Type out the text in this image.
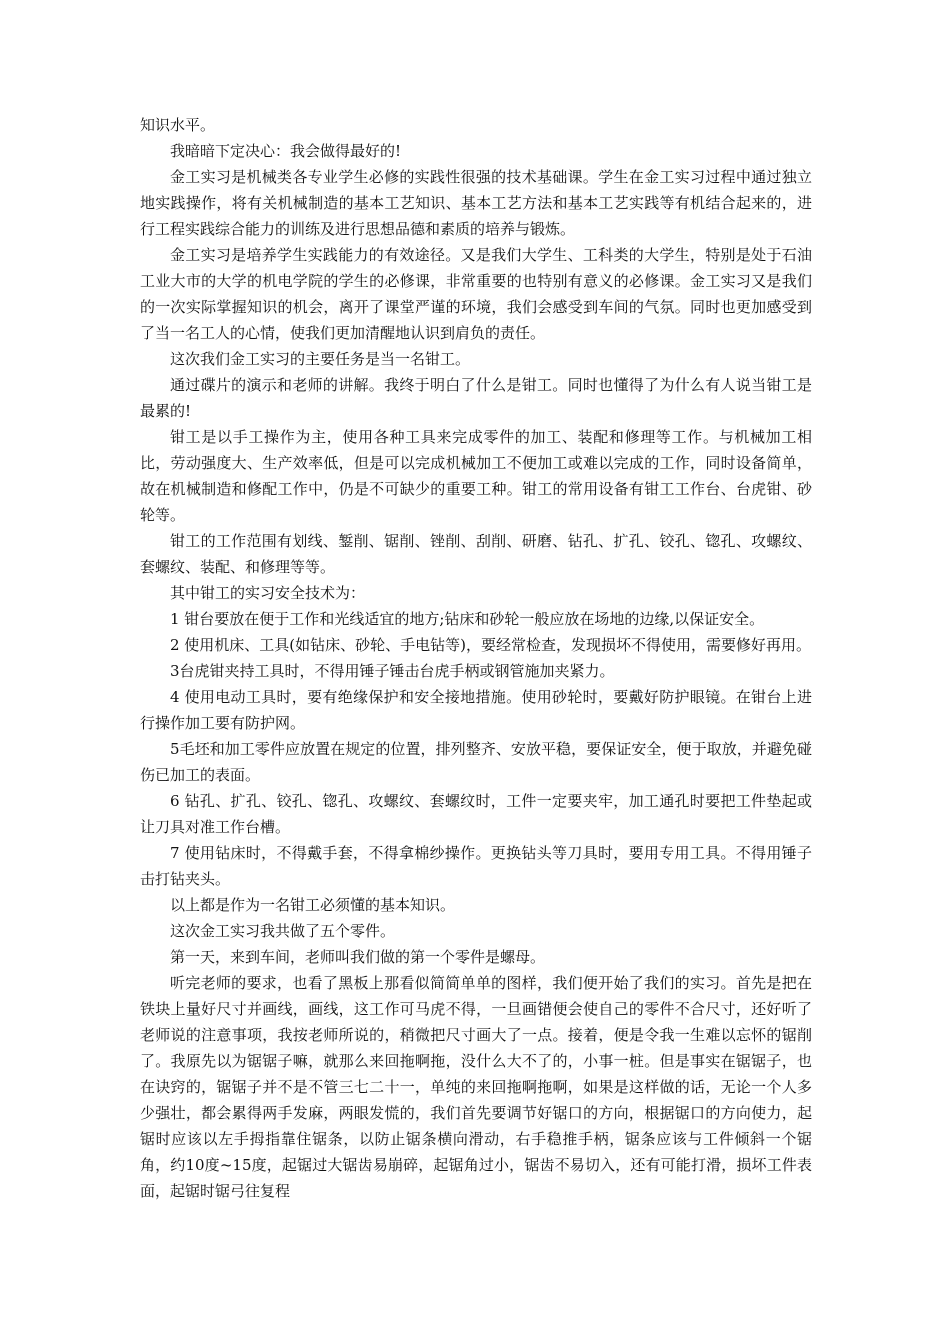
知识水平。

我暗暗下定决心：我会做得最好的!

金工实习是机械类各专业学生必修的实践性很强的技术基础课。学生在金工实习过程中通过独立地实践操作，将有关机械制造的基本工艺知识、基本工艺方法和基本工艺实践等有机结合起来的，进行工程实践综合能力的训练及进行思想品德和素质的培养与锻炼。

金工实习是培养学生实践能力的有效途径。又是我们大学生、工科类的大学生，特别是处于石油工业大市的大学的机电学院的学生的必修课，非常重要的也特别有意义的必修课。金工实习又是我们的一次实际掌握知识的机会，离开了课堂严谨的环境，我们会感受到车间的气氛。同时也更加感受到了当一名工人的心情，使我们更加清醒地认识到肩负的责任。

这次我们金工实习的主要任务是当一名钳工。

通过碟片的演示和老师的讲解。我终于明白了什么是钳工。同时也懂得了为什么有人说当钳工是最累的!

钳工是以手工操作为主，使用各种工具来完成零件的加工、装配和修理等工作。与机械加工相比，劳动强度大、生产效率低，但是可以完成机械加工不便加工或难以完成的工作，同时设备简单，故在机械制造和修配工作中，仍是不可缺少的重要工种。钳工的常用设备有钳工工作台、台虎钳、砂轮等。

钳工的工作范围有划线、錾削、锯削、锉削、刮削、研磨、钻孔、扩孔、铰孔、锪孔、攻螺纹、套螺纹、装配、和修理等等。

其中钳工的实习安全技术为：

1 钳台要放在便于工作和光线适宜的地方;钻床和砂轮一般应放在场地的边缘,以保证安全。

2 使用机床、工具(如钻床、砂轮、手电钻等)，要经常检查，发现损坏不得使用，需要修好再用。

3台虎钳夹持工具时，不得用锤子锤击台虎手柄或钢管施加夹紧力。

4 使用电动工具时，要有绝缘保护和安全接地措施。使用砂轮时，要戴好防护眼镜。在钳台上进行操作加工要有防护网。

5毛坯和加工零件应放置在规定的位置，排列整齐、安放平稳，要保证安全，便于取放，并避免碰伤已加工的表面。

6 钻孔、扩孔、铰孔、锪孔、攻螺纹、套螺纹时，工件一定要夹牢，加工通孔时要把工件垫起或让刀具对准工作台槽。

7 使用钻床时，不得戴手套，不得拿棉纱操作。更换钻头等刀具时，要用专用工具。不得用锤子击打钻夹头。

以上都是作为一名钳工必须懂的基本知识。

这次金工实习我共做了五个零件。

第一天，来到车间，老师叫我们做的第一个零件是螺母。

听完老师的要求，也看了黑板上那看似简简单单的图样，我们便开始了我们的实习。首先是把在铁块上量好尺寸并画线，画线，这工作可马虎不得，一旦画错便会使自己的零件不合尺寸，还好听了老师说的注意事项，我按老师所说的，稍微把尺寸画大了一点。接着，便是令我一生难以忘怀的锯削了。我原先以为锯锯子嘛，就那么来回拖啊拖，没什么大不了的，小事一桩。但是事实在锯锯子，也在诀窍的，锯锯子并不是不管三七二十一，单纯的来回拖啊拖啊，如果是这样做的话，无论一个人多少强壮，都会累得两手发麻，两眼发慌的，我们首先要调节好锯口的方向，根据锯口的方向使力，起锯时应该以左手拇指靠住锯条，以防止锯条横向滑动，右手稳推手柄，锯条应该与工件倾斜一个锯角，约10度~15度，起锯过大锯齿易崩碎，起锯角过小，锯齿不易切入，还有可能打滑，损坏工件表面，起锯时锯弓往复程
